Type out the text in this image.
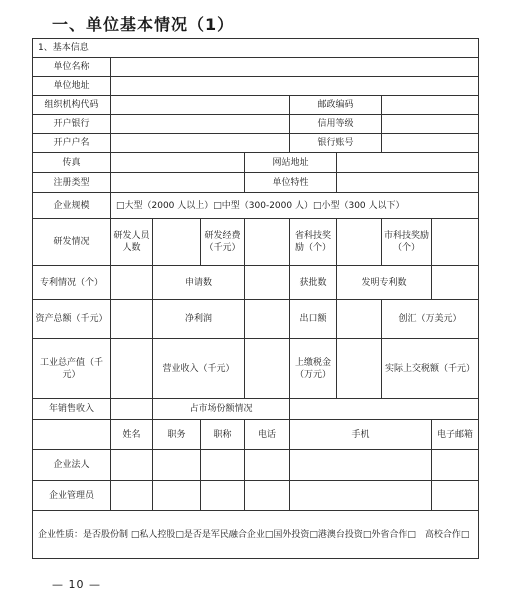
一、单位基本情况（1）
1、基本信息								
单位名称								
单位地址								
组织机构代码					邮政编码			
开户银行					信用等级			
开户户名					银行账号			
传真				网站地址				
注册类型				单位特性				
企业规模	□大型（2000 人以上）□中型（300-2000 人）□小型（300 人以下）							
研发情况	研发人员人数		研发经费（千元）		省科技奖励（个）		市科技奖励（个）	
专利情况（个）		申请数			获批数	发明专利数		
资产总额（千元）		净利润			出口额		创汇（万美元）	
工业总产值（千元）		营业收入（千元）			上缴税金（万元）		实际上交税额（千元）	
年销售收入		占市场份额情况						
	姓名	职务	职称	电话	手机			电子邮箱
企业法人								
企业管理员								
企业性质：是否股份制 □私人控股□是否是军民融合企业□国外投资□港澳台投资□外省合作□　高校合作□								
— 10 —
